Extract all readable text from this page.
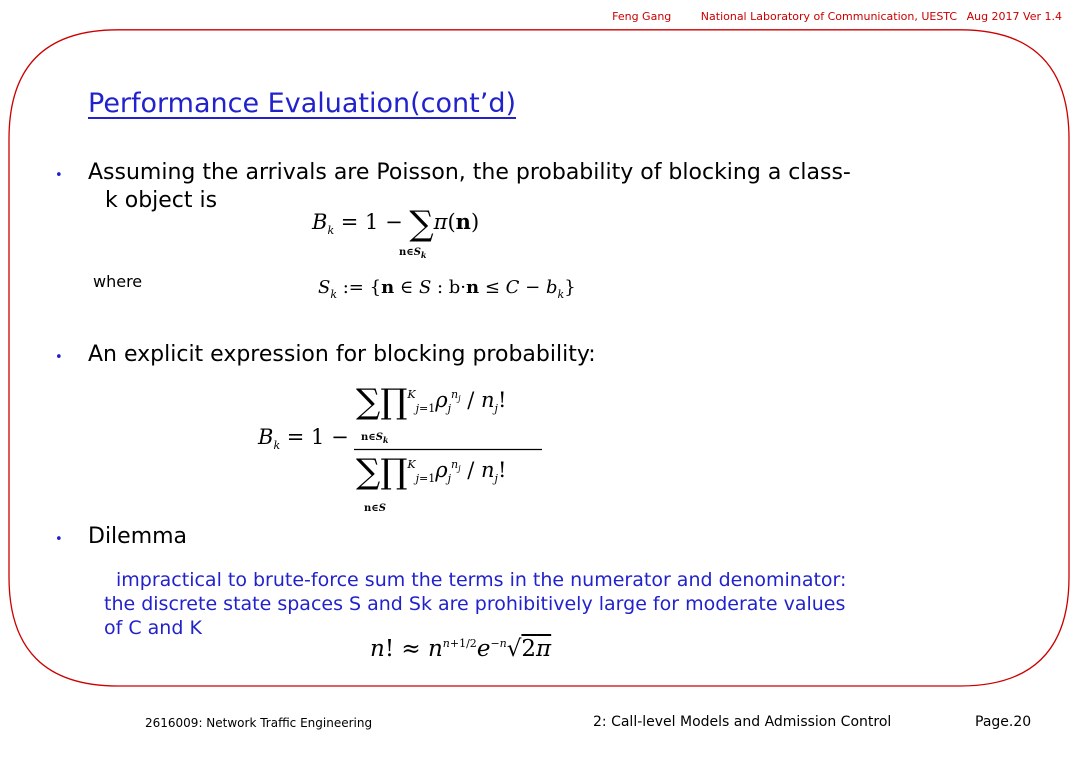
Feng Gang	National Laboratory of Communication, UESTC Aug 2017 Ver 1.4
Performance Evaluation(cont’d)
• Assuming the arrivals are Poisson, the probability of blocking a class-
k object is
$B_k = 1 - \sum\pi(n)$
$n\in S_k$
where	$S_k$ := {n ∈ S : $b\cdot n \le C - b_k$}
• An explicit expression for blocking probability:
$B_k = 1$ −
$\sum\prod^K_{j=1}\rho_j^{n_j} / n_j$!
$n\in S_k$
$\sum\prod^K_{j=1}\rho_j^{n_j} / n_j$!
n∈S
• Dilemma
impractical to brute-force sum the terms in the numerator and denominator:
the discrete state spaces S and Sk are prohibitively large for moderate values
of C and K
n! ≈ $n^{n+1/2}e^{-n}√2\pi$
2616009: Network Traffic Engineering	2: Call-level Models and Admission Control	Page.20
